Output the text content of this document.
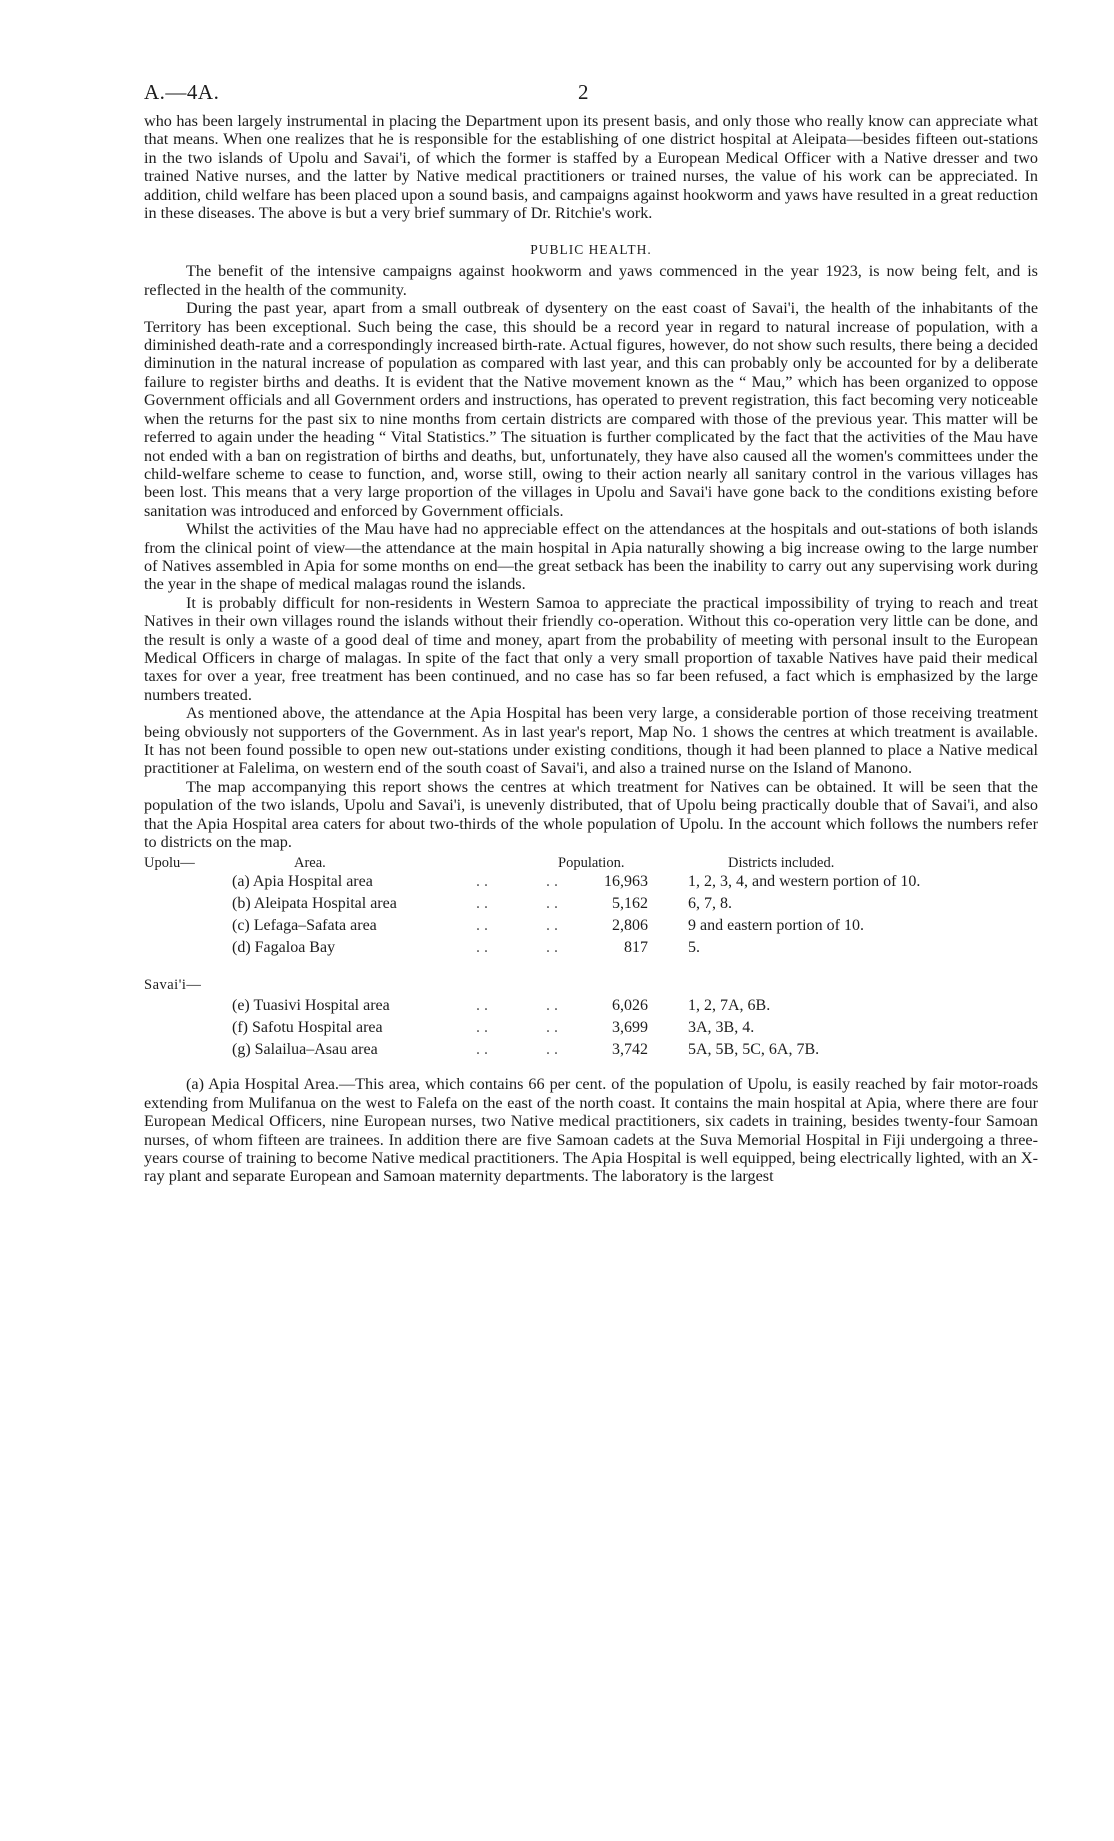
A.—4A.	2

who has been largely instrumental in placing the Department upon its present basis, and only those who really know can appreciate what that means. When one realizes that he is responsible for the establishing of one district hospital at Aleipata—besides fifteen out-stations in the two islands of Upolu and Savai'i, of which the former is staffed by a European Medical Officer with a Native dresser and two trained Native nurses, and the latter by Native medical practitioners or trained nurses, the value of his work can be appreciated. In addition, child welfare has been placed upon a sound basis, and campaigns against hookworm and yaws have resulted in a great reduction in these diseases. The above is but a very brief summary of Dr. Ritchie's work.

PUBLIC HEALTH.

The benefit of the intensive campaigns against hookworm and yaws commenced in the year 1923, is now being felt, and is reflected in the health of the community.

During the past year, apart from a small outbreak of dysentery on the east coast of Savai'i, the health of the inhabitants of the Territory has been exceptional. Such being the case, this should be a record year in regard to natural increase of population, with a diminished death-rate and a correspondingly increased birth-rate. Actual figures, however, do not show such results, there being a decided diminution in the natural increase of population as compared with last year, and this can probably only be accounted for by a deliberate failure to register births and deaths. It is evident that the Native movement known as the “ Mau,” which has been organized to oppose Government officials and all Government orders and instructions, has operated to prevent registration, this fact becoming very noticeable when the returns for the past six to nine months from certain districts are compared with those of the previous year. This matter will be referred to again under the heading “ Vital Statistics.” The situation is further complicated by the fact that the activities of the Mau have not ended with a ban on registration of births and deaths, but, unfortunately, they have also caused all the women's committees under the child-welfare scheme to cease to function, and, worse still, owing to their action nearly all sanitary control in the various villages has been lost. This means that a very large proportion of the villages in Upolu and Savai'i have gone back to the conditions existing before sanitation was introduced and enforced by Government officials.

Whilst the activities of the Mau have had no appreciable effect on the attendances at the hospitals and out-stations of both islands from the clinical point of view—the attendance at the main hospital in Apia naturally showing a big increase owing to the large number of Natives assembled in Apia for some months on end—the great setback has been the inability to carry out any supervising work during the year in the shape of medical malagas round the islands.

It is probably difficult for non-residents in Western Samoa to appreciate the practical impossibility of trying to reach and treat Natives in their own villages round the islands without their friendly co-operation. Without this co-operation very little can be done, and the result is only a waste of a good deal of time and money, apart from the probability of meeting with personal insult to the European Medical Officers in charge of malagas. In spite of the fact that only a very small proportion of taxable Natives have paid their medical taxes for over a year, free treatment has been continued, and no case has so far been refused, a fact which is emphasized by the large numbers treated.

As mentioned above, the attendance at the Apia Hospital has been very large, a considerable portion of those receiving treatment being obviously not supporters of the Government. As in last year's report, Map No. 1 shows the centres at which treatment is available. It has not been found possible to open new out-stations under existing conditions, though it had been planned to place a Native medical practitioner at Falelima, on western end of the south coast of Savai'i, and also a trained nurse on the Island of Manono.

The map accompanying this report shows the centres at which treatment for Natives can be obtained. It will be seen that the population of the two islands, Upolu and Savai'i, is unevenly distributed, that of Upolu being practically double that of Savai'i, and also that the Apia Hospital area caters for about two-thirds of the whole population of Upolu. In the account which follows the numbers refer to districts on the map.

Upolu—	Area.	Population.	Districts included.
(a) Apia Hospital area	. .	. .	16,963	1, 2, 3, 4, and western portion of 10.
(b) Aleipata Hospital area	. .	. .	5,162	6, 7, 8.
(c) Lefaga–Safata area	. .	. .	2,806	9 and eastern portion of 10.
(d) Fagaloa Bay	. .	. .	817	5.
Savai'i—
(e) Tuasivi Hospital area	. .	. .	6,026	1, 2, 7A, 6B.
(f) Safotu Hospital area	. .	. .	3,699	3A, 3B, 4.
(g) Salailua–Asau area	. .	. .	3,742	5A, 5B, 5C, 6A, 7B.

(a) Apia Hospital Area.—This area, which contains 66 per cent. of the population of Upolu, is easily reached by fair motor-roads extending from Mulifanua on the west to Falefa on the east of the north coast. It contains the main hospital at Apia, where there are four European Medical Officers, nine European nurses, two Native medical practitioners, six cadets in training, besides twenty-four Samoan nurses, of whom fifteen are trainees. In addition there are five Samoan cadets at the Suva Memorial Hospital in Fiji undergoing a three-years course of training to become Native medical practitioners. The Apia Hospital is well equipped, being electrically lighted, with an X-ray plant and separate European and Samoan maternity departments. The laboratory is the largest
